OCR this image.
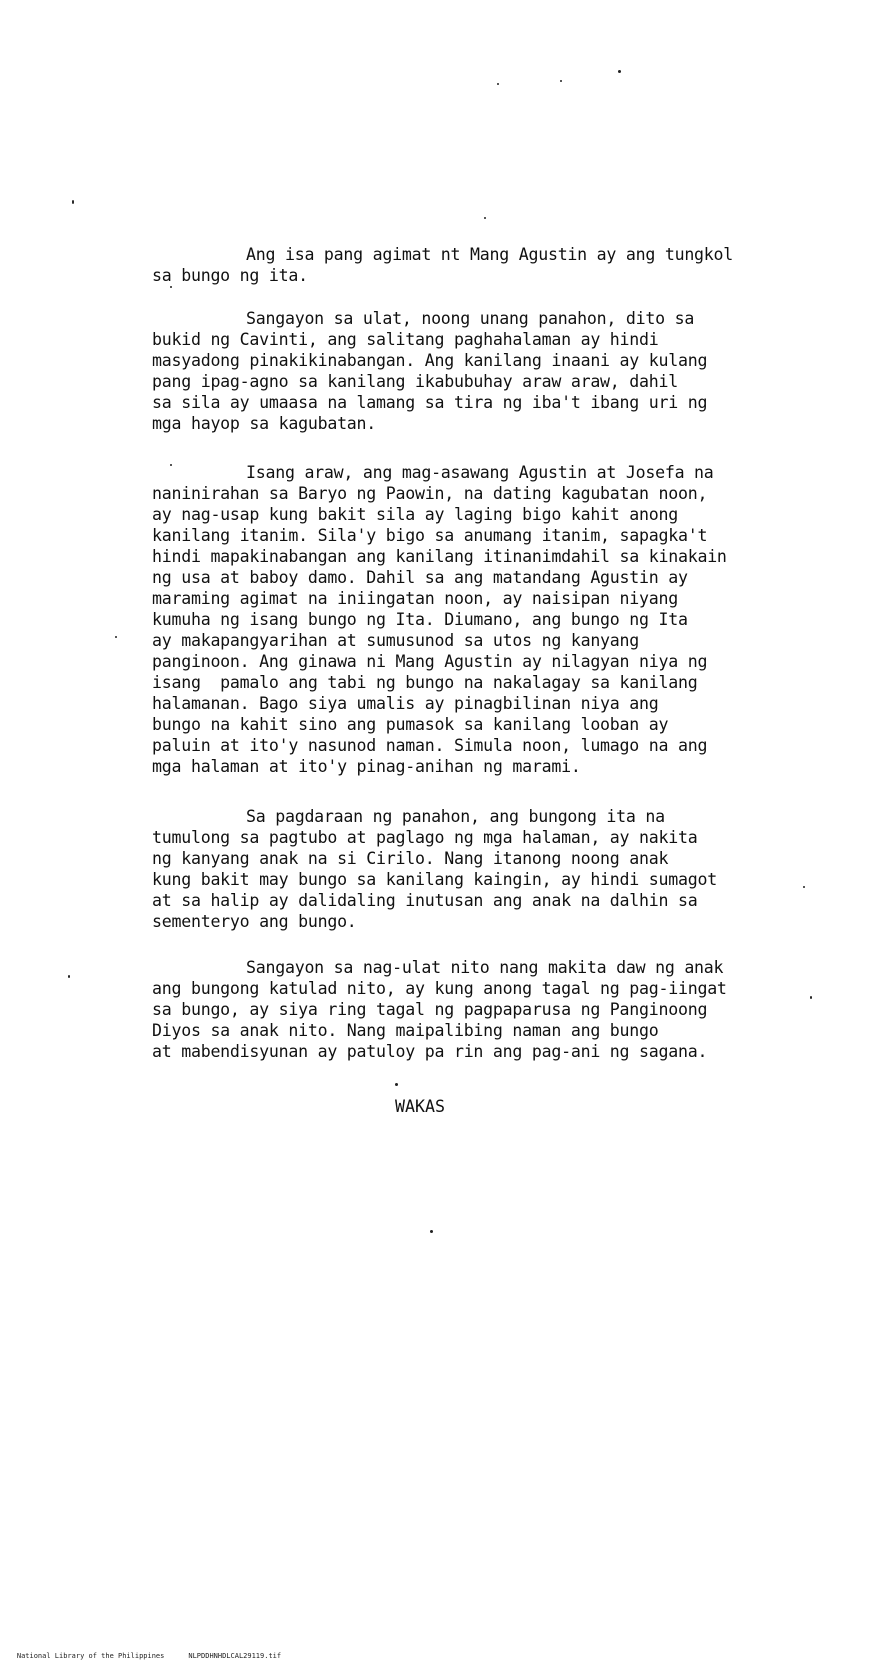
Ang isa pang agimat nt Mang Agustin ay ang tungkol
sa bungo ng ita.
Sangayon sa ulat, noong unang panahon, dito sa
bukid ng Cavinti, ang salitang paghahalaman ay hindi
masyadong pinakikinabangan. Ang kanilang inaani ay kulang
pang ipag-agno sa kanilang ikabubuhay araw araw, dahil
sa sila ay umaasa na lamang sa tira ng iba't ibang uri ng
mga hayop sa kagubatan.
Isang araw, ang mag-asawang Agustin at Josefa na
naninirahan sa Baryo ng Paowin, na dating kagubatan noon,
ay nag-usap kung bakit sila ay laging bigo kahit anong
kanilang itanim. Sila'y bigo sa anumang itanim, sapagka't
hindi mapakinabangan ang kanilang itinanimdahil sa kinakain
ng usa at baboy damo. Dahil sa ang matandang Agustin ay
maraming agimat na iniingatan noon, ay naisipan niyang
kumuha ng isang bungo ng Ita. Diumano, ang bungo ng Ita
ay makapangyarihan at sumusunod sa utos ng kanyang
panginoon. Ang ginawa ni Mang Agustin ay nilagyan niya ng
isang  pamalo ang tabi ng bungo na nakalagay sa kanilang
halamanan. Bago siya umalis ay pinagbilinan niya ang
bungo na kahit sino ang pumasok sa kanilang looban ay
paluin at ito'y nasunod naman. Simula noon, lumago na ang
mga halaman at ito'y pinag-anihan ng marami.
Sa pagdaraan ng panahon, ang bungong ita na
tumulong sa pagtubo at paglago ng mga halaman, ay nakita
ng kanyang anak na si Cirilo. Nang itanong noong anak
kung bakit may bungo sa kanilang kaingin, ay hindi sumagot
at sa halip ay dalidaling inutusan ang anak na dalhin sa
sementeryo ang bungo.
Sangayon sa nag-ulat nito nang makita daw ng anak
ang bungong katulad nito, ay kung anong tagal ng pag-iingat
sa bungo, ay siya ring tagal ng pagpaparusa ng Panginoong
Diyos sa anak nito. Nang maipalibing naman ang bungo
at mabendisyunan ay patuloy pa rin ang pag-ani ng sagana.
WAKAS

National Library of the Philippines	NLPDDHNHDLCAL29119.tif
